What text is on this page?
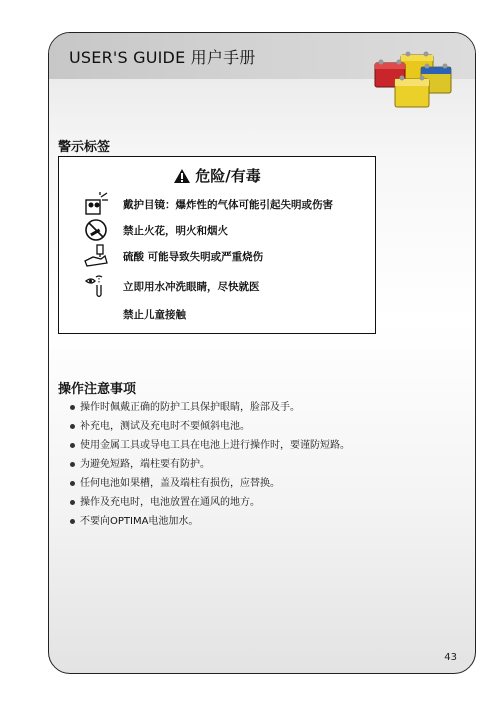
USER'S GUIDE 用户手册
43
警示标签
危险/有毒
戴护目镜：爆炸性的气体可能引起失明或伤害
禁止火花，明火和烟火
硫酸 可能导致失明或严重烧伤
立即用水冲洗眼睛，尽快就医
禁止儿童接触
操作注意事项
操作时佩戴正确的防护工具保护眼睛，脸部及手。
补充电，测试及充电时不要倾斜电池。
使用金属工具或导电工具在电池上进行操作时，要谨防短路。
为避免短路，端柱要有防护。
任何电池如果槽，盖及端柱有损伤，应替换。
操作及充电时，电池放置在通风的地方。
不要向OPTIMA电池加水。
